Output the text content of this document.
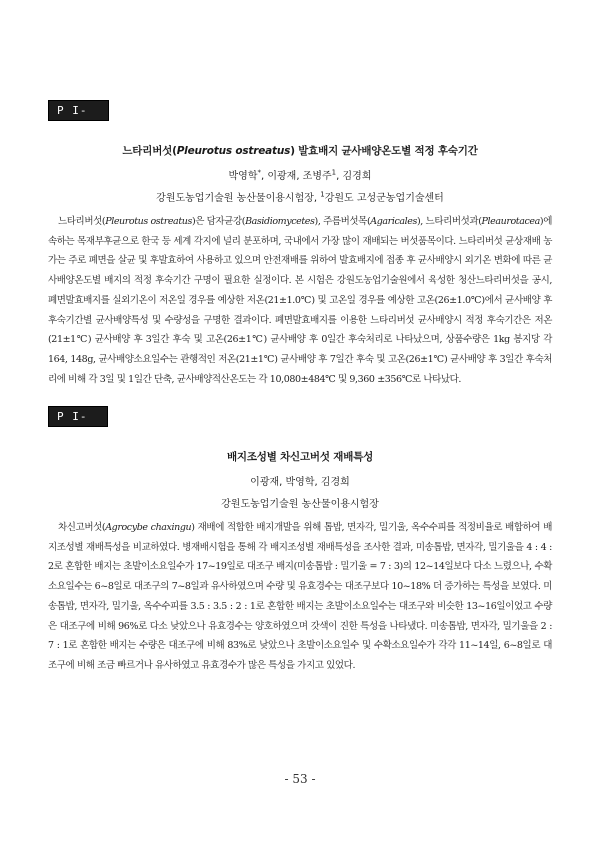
P I-05
느타리버섯(Pleurotus ostreatus) 발효배지 균사배양온도별 적정 후숙기간
박영학*, 이광재, 조병주$^1$, 김경희
강원도농업기술원 농산물이용시험장, $^1$강원도 고성군농업기술센터

느타리버섯(Pleurotus ostreatus)은 담자균강(Basidiomycetes), 주름버섯목(Agaricales), 느타리버섯과(Pleaurotacea)에 속하는 목재부후균으로 한국 등 세계 각지에 널리 분포하며, 국내에서 가장 많이 재배되는 버섯품목이다. 느타리버섯 균상재배 농가는 주로 폐면을 살균 및 후발효하여 사용하고 있으며 안전재배를 위하여 발효배지에 접종 후 균사배양시 외기온 변화에 따른 균사배양온도별 배지의 적정 후숙기간 구명이 필요한 실정이다. 본 시험은 강원도농업기술원에서 육성한 청산느타리버섯을 공시, 폐면발효배지를 실외기온이 저온일 경우를 예상한 저온(21±1.0℃) 및 고온일 경우를 예상한 고온(26±1.0℃)에서 균사배양 후 후숙기간별 균사배양특성 및 수량성을 구명한 결과이다. 폐면발효배지를 이용한 느타리버섯 균사배양시 적정 후숙기간은 저온(21±1℃) 균사배양 후 3일간 후숙 및 고온(26±1℃) 균사배양 후 0일간 후숙처리로 나타났으며, 상품수량은 1kg 봉지당 각 164, 148g, 균사배양소요일수는 관행적인 저온(21±1℃) 균사배양 후 7일간 후숙 및 고온(26±1℃) 균사배양 후 3일간 후숙처리에 비해 각 3일 및 1일간 단축, 균사배양적산온도는 각 10,080±484℃ 및 9,360 ±356℃로 나타났다.

P I-06
배지조성별 차신고버섯 재배특성
이광재, 박영학, 김경희
강원도농업기술원 농산물이용시험장

차신고버섯(Agrocybe chaxingu) 재배에 적합한 배지개발을 위해 톱밥, 면자각, 밀기울, 옥수수피를 적정비율로 배합하여 배지조성별 재배특성을 비교하였다. 병재배시험을 통해 각 배지조성별 재배특성을 조사한 결과, 미송톱밥, 면자각, 밀기울을 4 : 4 : 2로 혼합한 배지는 초발이소요일수가 17~19일로 대조구 배지(미송톱밥 : 밀기울 = 7 : 3)의 12~14일보다 다소 느렸으나, 수확소요일수는 6~8일로 대조구의 7~8일과 유사하였으며 수량 및 유효경수는 대조구보다 10~18% 더 증가하는 특성을 보였다. 미송톱밥, 면자각, 밀기울, 옥수수피를 3.5 : 3.5 : 2 : 1로 혼합한 배지는 초발이소요일수는 대조구와 비슷한 13~16일이었고 수량은 대조구에 비해 96%로 다소 낮았으나 유효경수는 양호하였으며 갓색이 진한 특성을 나타냈다. 미송톱밥, 면자각, 밀기울을 2 : 7 : 1로 혼합한 배지는 수량은 대조구에 비해 83%로 낮았으나 초발이소요일수 및 수확소요일수가 각각 11~14일, 6~8일로 대조구에 비해 조금 빠르거나 유사하였고 유효경수가 많은 특성을 가지고 있었다.

- 53 -
